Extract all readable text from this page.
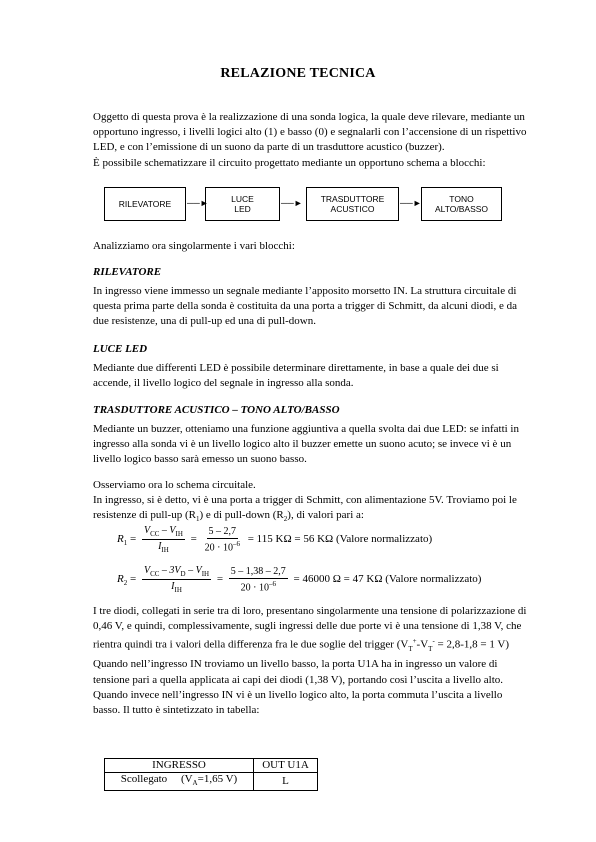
RELAZIONE TECNICA
Oggetto di questa prova è la realizzazione di una sonda logica, la quale deve rilevare, mediante un
opportuno ingresso, i livelli logici alto (1) e basso (0) e segnalarli con l’accensione di un rispettivo
LED, e con l’emissione di un suono da parte di un trasduttore acustico (buzzer).
È possibile schematizzare il circuito progettato mediante un opportuno schema a blocchi:
RILEVATORE ──►	LUCE
LED
──► TRASDUTTORE
ACUSTICO
──►	TONO
ALTO/BASSO
Analizziamo ora singolarmente i vari blocchi:
RILEVATORE
In ingresso viene immesso un segnale mediante l’apposito morsetto IN. La struttura circuitale di
questa prima parte della sonda è costituita da una porta a trigger di Schmitt, da alcuni diodi, e da
due resistenze, una di pull-up ed una di pull-down.
LUCE LED
Mediante due differenti LED è possibile determinare direttamente, in base a quale dei due si
accende, il livello logico del segnale in ingresso alla sonda.
TRASDUTTORE ACUSTICO – TONO ALTO/BASSO
Mediante un buzzer, otteniamo una funzione aggiuntiva a quella svolta dai due LED: se infatti in
ingresso alla sonda vi è un livello logico alto il buzzer emette un suono acuto; se invece vi è un
livello logico basso sarà emesso un suono basso.
Osserviamo ora lo schema circuitale.
In ingresso, si è detto, vi è una porta a trigger di Schmitt, con alimentazione 5V. Troviamo poi le
resistenze di pull-up $(R_1)$ e di pull-down $(R_2)$, di valori pari a:
$R_1 = \frac{V_{CC} - V_{IH}}{I_{IH}} = \frac{5 - 2,7}{20 \cdot 10^{-6}} = 115$ KΩ = 56 KΩ (Valore normalizzato)
$R_2 = \frac{V_{CC} - 3V_D - V_{IH}}{I_{IH}} = \frac{5 - 1,38 - 2,7}{20 \cdot 10^{-6}} = 46000$ Ω = 47 KΩ (Valore normalizzato)
I tre diodi, collegati in serie tra di loro, presentano singolarmente una tensione di polarizzazione di
0,46 V, e quindi, complessivamente, sugli ingressi delle due porte vi è una tensione di 1,38 V, che
rientra quindi tra i valori della differenza fra le due soglie del trigger ($V_T^+-V_T^- = 2,8-1,8 = 1$ V)
Quando nell’ingresso IN troviamo un livello basso, la porta U1A ha in ingresso un valore di
tensione pari a quella applicata ai capi dei diodi (1,38 V), portando così l’uscita a livello alto.
Quando invece nell’ingresso IN vi è un livello logico alto, la porta commuta l’uscita a livello
basso. Il tutto è sintetizzato in tabella:
INGRESSO	OUT U1A
Scollegato ($V_A=1,65$ V)	L
